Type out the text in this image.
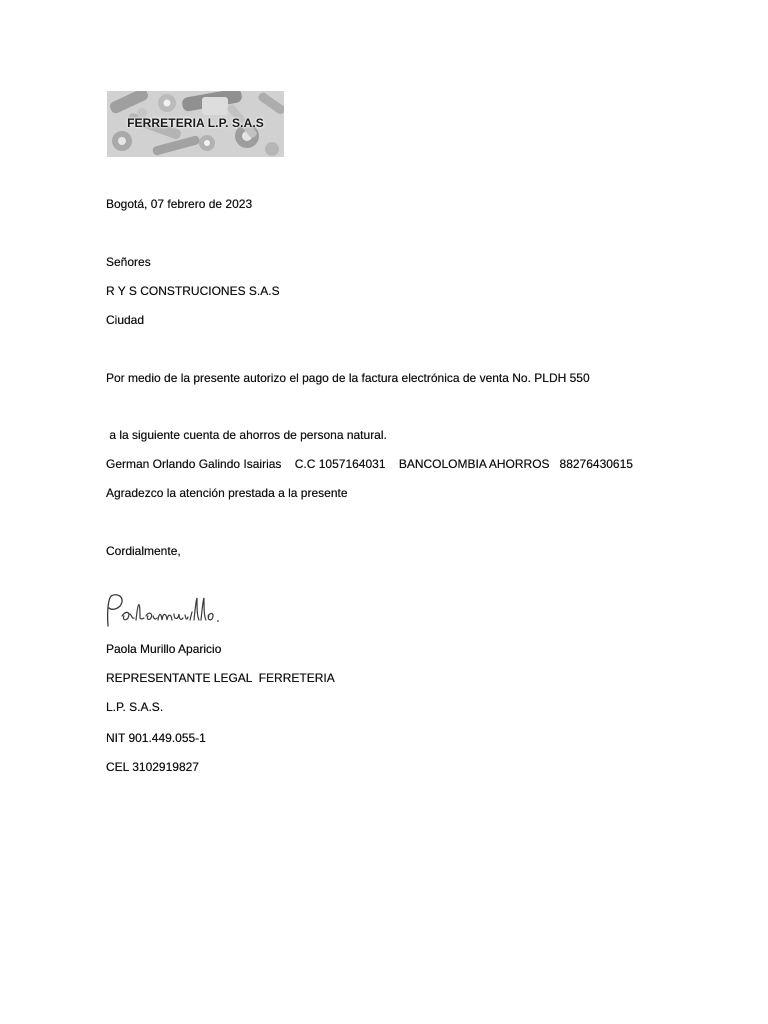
FERRETERIA L.P. S.A.S
Bogotá, 07 febrero de 2023
Señores
R Y S CONSTRUCIONES S.A.S
Ciudad
Por medio de la presente autorizo el pago de la factura electrónica de venta No. PLDH 550
a la siguiente cuenta de ahorros de persona natural.
German Orlando Galindo Isairias    C.C 1057164031    BANCOLOMBIA AHORROS   88276430615
Agradezco la atención prestada a la presente
Cordialmente,
Paola Murillo Aparicio
REPRESENTANTE LEGAL  FERRETERIA
L.P. S.A.S.
NIT 901.449.055-1
CEL 3102919827
